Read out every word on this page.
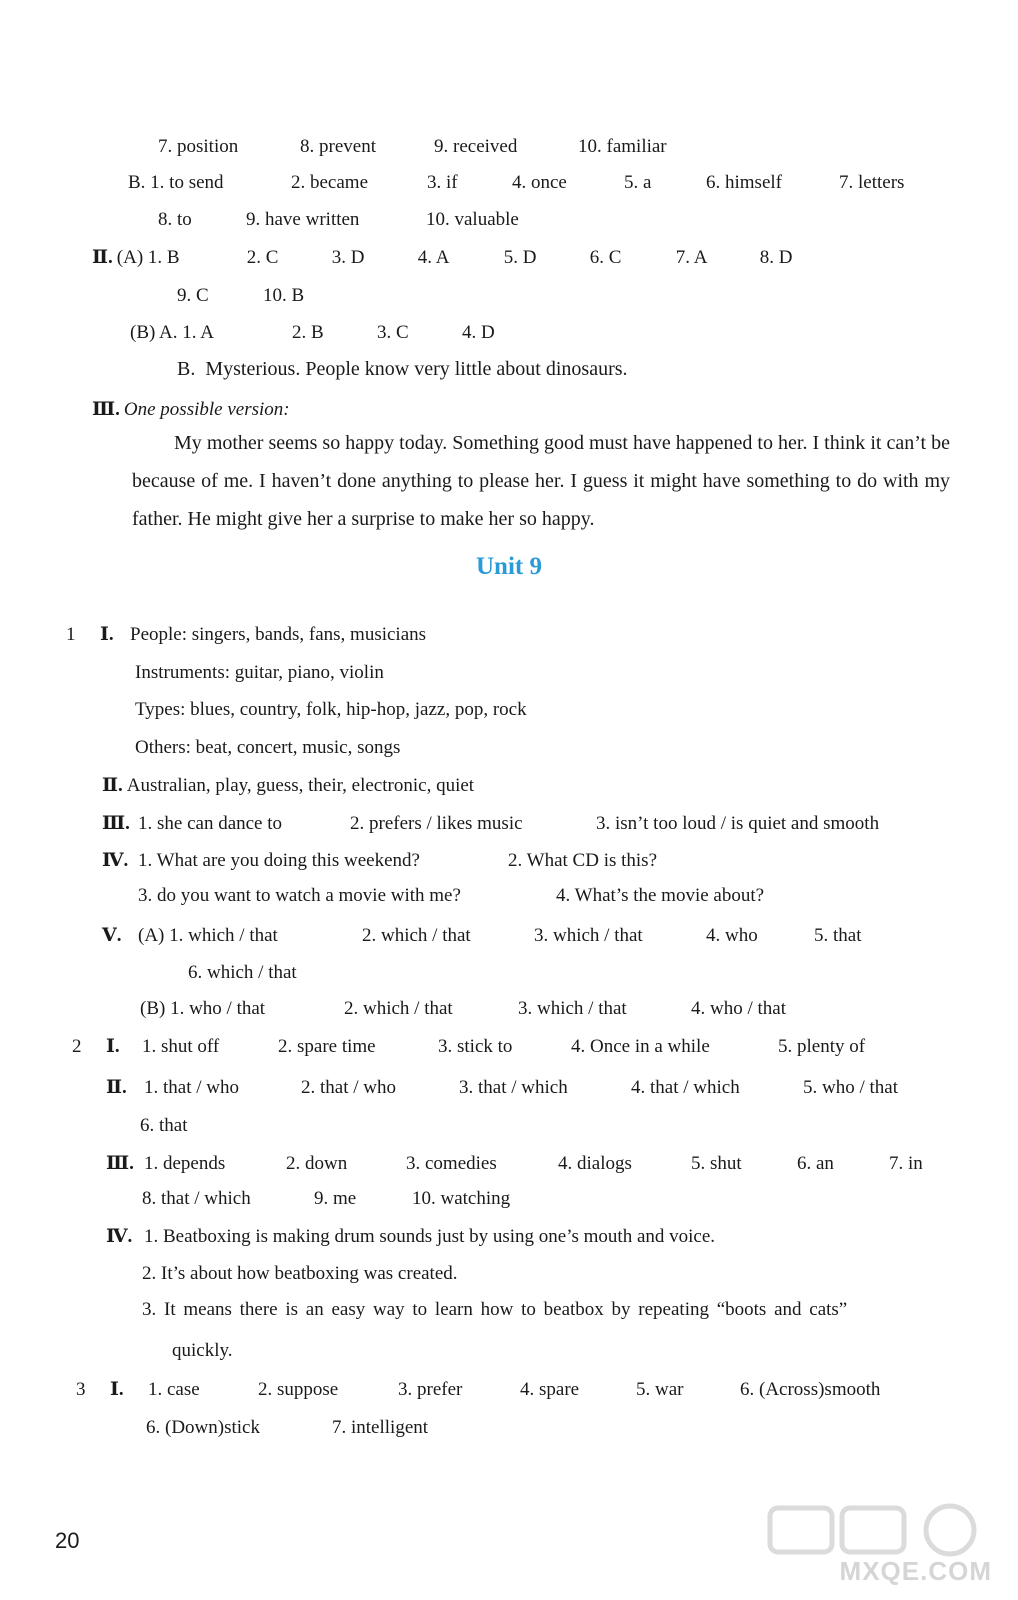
7. position	8. prevent	9. received	10. familiar
B. 1. to send	2. became	3. if	4. once	5. a	6. himself	7. letters
8. to	9. have written	10. valuable
Ⅱ. (A) 1. B	2. C	3. D	4. A	5. D	6. C	7. A	8. D
9. C	10. B
(B) A. 1. A	2. B	3. C	4. D
B.  Mysterious. People know very little about dinosaurs.
Ⅲ. One possible version:
My mother seems so happy today. Something good must have happened to her. I think it can’t be because of me. I haven’t done anything to please her. I guess it might have something to do with my father. He might give her a surprise to make her so happy.
Unit 9
1 Ⅰ. People: singers, bands, fans, musicians
Instruments: guitar, piano, violin
Types: blues, country, folk, hip-hop, jazz, pop, rock
Others: beat, concert, music, songs
Ⅱ. Australian, play, guess, their, electronic, quiet
Ⅲ. 1. she can dance to	2. prefers / likes music	3. isn’t too loud / is quiet and smooth
Ⅳ. 1. What are you doing this weekend?	2. What CD is this?
3. do you want to watch a movie with me?	4. What’s the movie about?
Ⅴ. (A) 1. which / that	2. which / that	3. which / that	4. who	5. that
6. which / that
(B) 1. who / that	2. which / that	3. which / that	4. who / that
2 Ⅰ. 1. shut off	2. spare time	3. stick to	4. Once in a while	5. plenty of
Ⅱ. 1. that / who	2. that / who	3. that / which	4. that / which	5. who / that
6. that
Ⅲ. 1. depends	2. down	3. comedies	4. dialogs	5. shut	6. an	7. in
8. that / which	9. me	10. watching
Ⅳ. 1. Beatboxing is making drum sounds just by using one’s mouth and voice.
2. It’s about how beatboxing was created.
3. It means there is an easy way to learn how to beatbox by repeating “boots and cats”
quickly.
3 Ⅰ. 1. case	2. suppose	3. prefer	4. spare	5. war	6. (Across)smooth
6. (Down)stick	7. intelligent
20
MXQE.COM
